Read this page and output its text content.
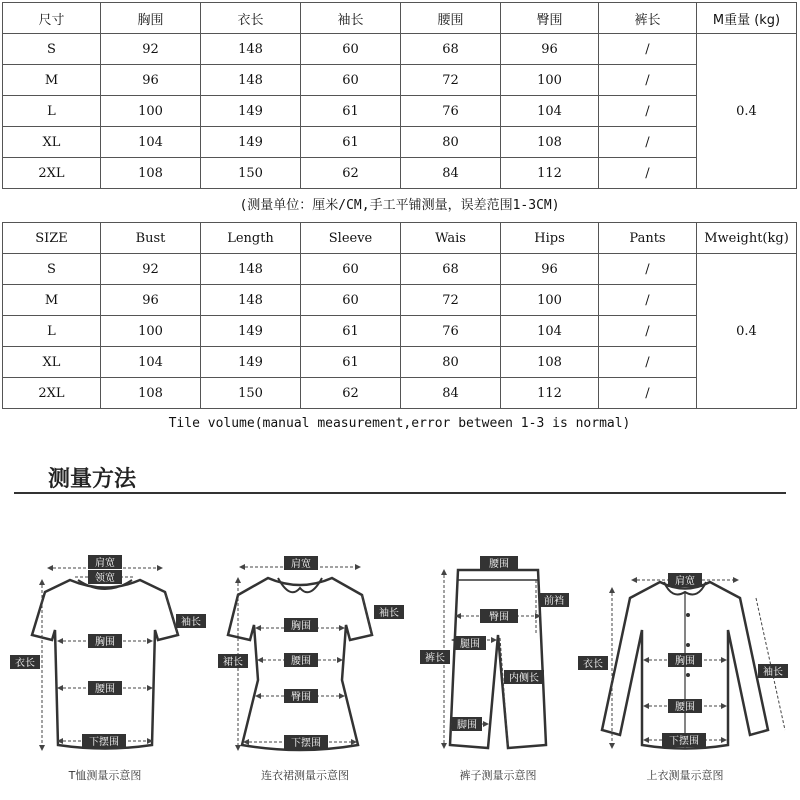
尺寸	胸围	衣长	袖长	腰围	臀围	裤长	M重量 (kg)
S	92	148	60	68	96	/	0.4
M	96	148	60	72	100	/	
L	100	149	61	76	104	/	
XL	104	149	61	80	108	/	
2XL	108	150	62	84	112	/	
(测量单位：厘米/CM,手工平铺测量，误差范围1-3CM)							
SIZE	Bust	Length	Sleeve	Wais	Hips	Pants	Mweight(kg)
S	92	148	60	68	96	/	0.4
M	96	148	60	72	100	/	
L	100	149	61	76	104	/	
XL	104	149	61	80	108	/	
2XL	108	150	62	84	112	/	
Tile volume(manual measurement,error between 1-3 is normal)							
测量方法
肩宽
领宽
袖长
衣长
胸围
腰围
下摆围
肩宽
袖长
胸围
腰围
裙长
臀围
下摆围
腰围
前裆
臀围
腿围
裤长
内侧长
脚围
肩宽
衣长	胸围
袖长
腰围
下摆围
T恤测量示意图	连衣裙测量示意图	裤子测量示意图	上衣测量示意图
